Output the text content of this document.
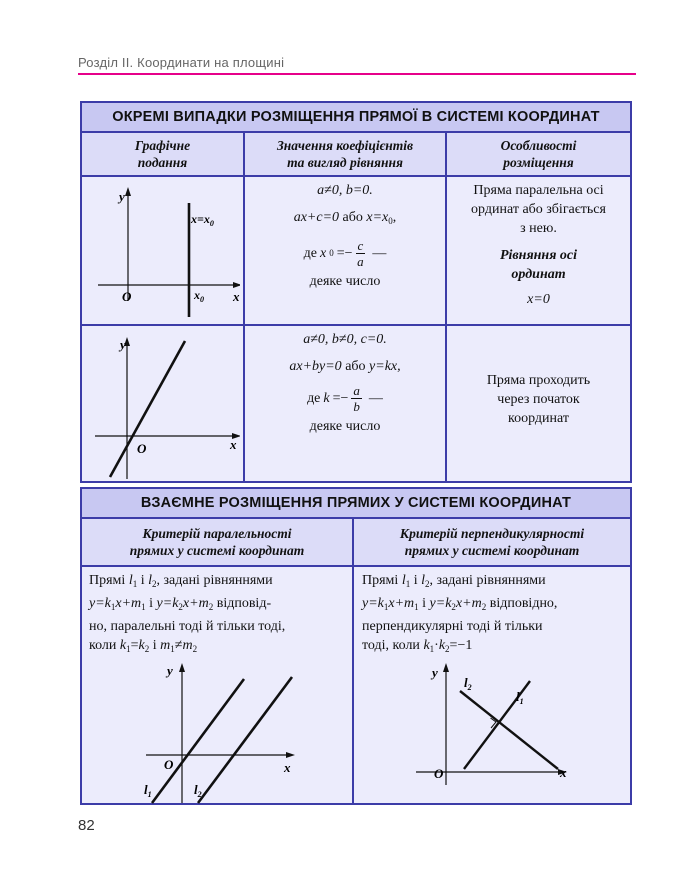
Розділ ІІ. Координати на площині
ОКРЕМІ ВИПАДКИ РОЗМІЩЕННЯ ПРЯМОЇ В СИСТЕМІ КООРДИНАТ
Графічне
подання
Значення коефіцієнтів
та вигляд рівняння
Особливості
розміщення
y
x
O
$x=x_0$
$x_0$
a≠0, b=0.
ax+c=0 або $x=x_0$,
де x $0 =- \frac{c}{a}$ —
деяке число
Пряма паралельна осі
ординат або збігається
з нею.
Рівняння осі
ординат
x=0
y
x
O
a≠0, b≠0, c=0.
ax+by=0 або y=kx,
де $k =- \frac{a}{b}$ —
деяке число
Пряма проходить
через початок
координат
ВЗАЄМНЕ РОЗМІЩЕННЯ ПРЯМИХ У СИСТЕМІ КООРДИНАТ
Критерій паралельності
прямих у системі координат
Критерій перпендикулярності
прямих у системі координат
Прямі $l_1$ і $l_2$, задані рівняннями
$y=k_1x+m_1$ і $y=k_2x+m_2$ відповід-
но, паралельні тоді й тільки тоді,
коли $k_1=k_2$ і $m_1\ne m_2$
y
x
O
$l_1$	$l_2$
Прямі $l_1$ і $l_2$, задані рівняннями
$y=k_1x+m_1$ і $y=k_2x+m_2$ відповідно,
перпендикулярні тоді й тільки
тоді, коли $k_1\cdot k_2=-1$
y
x
O
$l_1$
$l_2$
82
